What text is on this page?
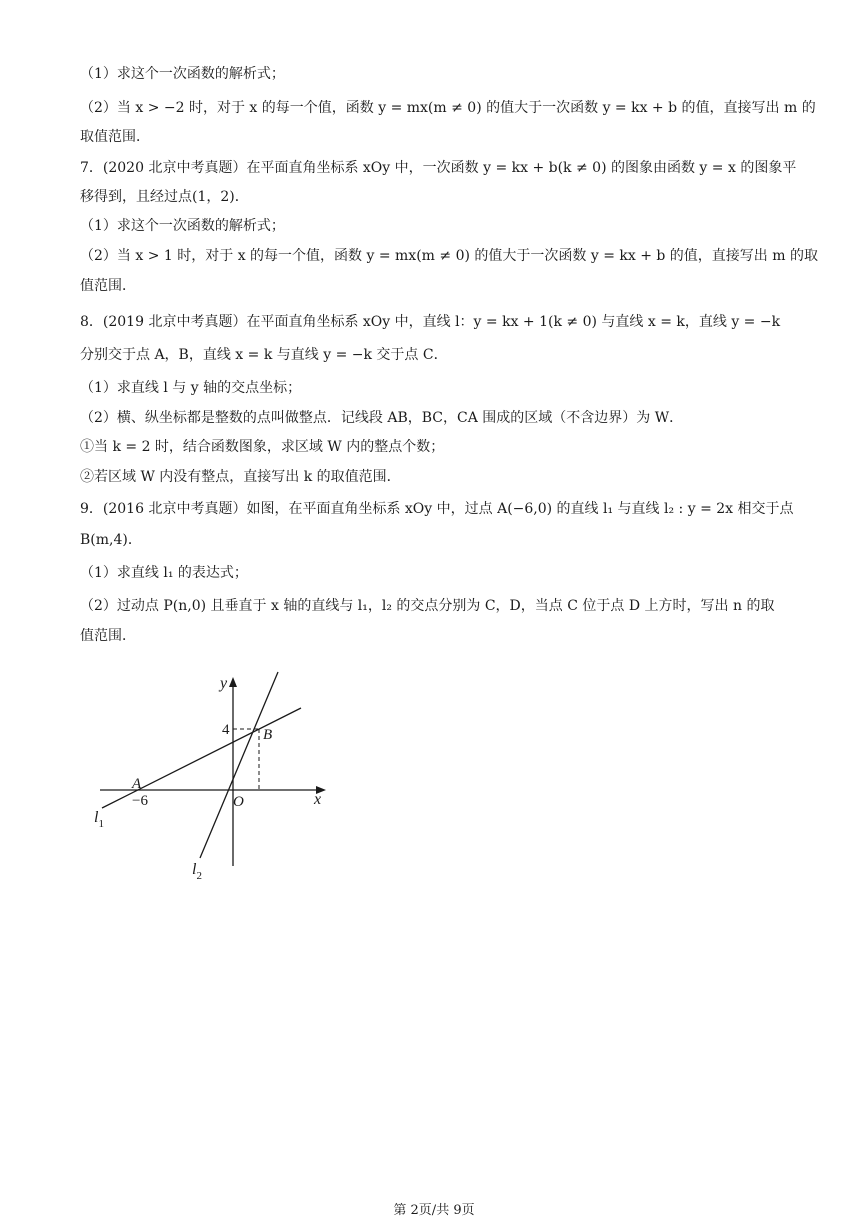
（1）求这个一次函数的解析式；
（2）当 x > −2 时，对于 x 的每一个值，函数 y = mx(m ≠ 0) 的值大于一次函数 y = kx + b 的值，直接写出 m 的
取值范围．
7．(2020 北京中考真题）在平面直角坐标系 xOy 中，一次函数 y = kx + b(k ≠ 0) 的图象由函数 y = x 的图象平
移得到，且经过点(1，2)．
（1）求这个一次函数的解析式；
（2）当 x > 1 时，对于 x 的每一个值，函数 y = mx(m ≠ 0) 的值大于一次函数 y = kx + b 的值，直接写出 m 的取
值范围．
8．(2019 北京中考真题）在平面直角坐标系 xOy 中，直线 l：y = kx + 1(k ≠ 0) 与直线 x = k，直线 y = −k
分别交于点 A，B，直线 x = k 与直线 y = −k 交于点 C．
（1）求直线 l 与 y 轴的交点坐标；
（2）横、纵坐标都是整数的点叫做整点．记线段 AB，BC，CA 围成的区域（不含边界）为 W．
①当 k = 2 时，结合函数图象，求区域 W 内的整点个数；
②若区域 W 内没有整点，直接写出 k 的取值范围．
9．(2016 北京中考真题）如图，在平面直角坐标系 xOy 中，过点 A(−6,0) 的直线 l₁ 与直线 l₂ : y = 2x 相交于点
B(m,4)．
（1）求直线 l₁ 的表达式；
（2）过动点 P(n,0) 且垂直于 x 轴的直线与 l₁，l₂ 的交点分别为 C，D，当点 C 位于点 D 上方时，写出 n 的取
值范围．
y
x
O
4
−6
A
B
$l_1$
$l_2$
第 2页/共 9页
